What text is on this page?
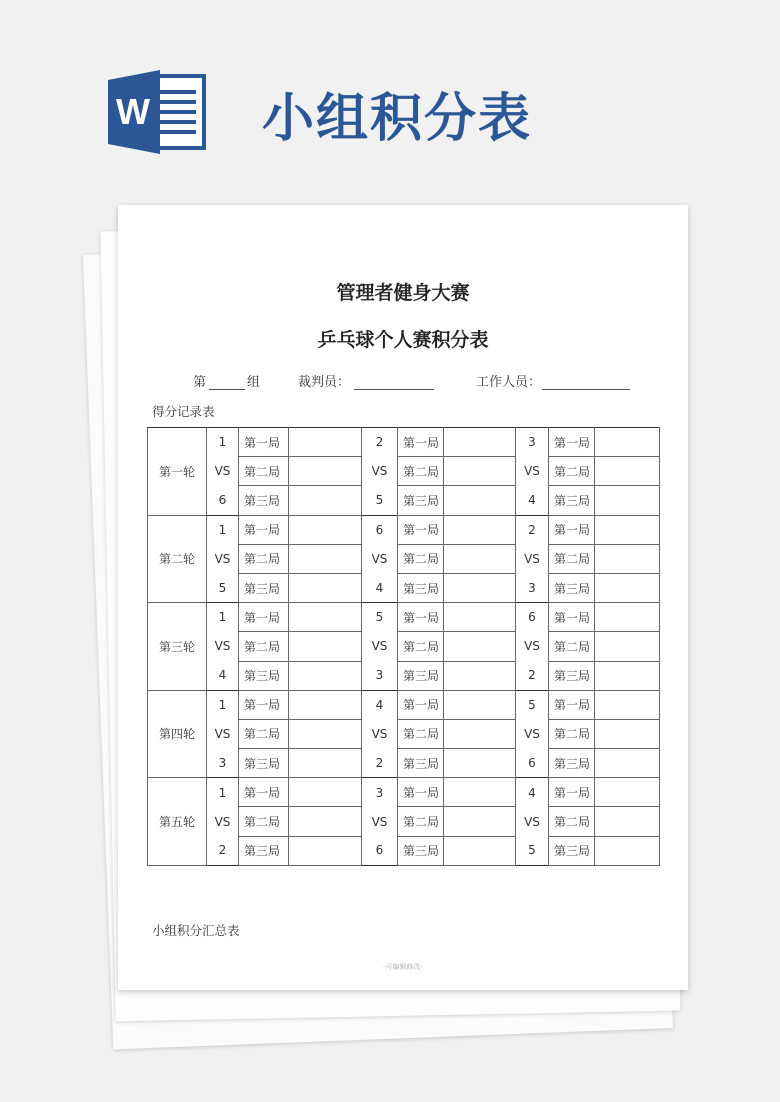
W 小组积分表
管理者健身大赛
乒乓球个人赛积分表
第	组	裁判员：	工作人员：
得分记录表
第一轮	1	第一局		2	第一局		3	第一局	
	VS	第二局		VS	第二局		VS	第二局	
	6	第三局		5	第三局		4	第三局	
第二轮	1	第一局		6	第一局		2	第一局	
	VS	第二局		VS	第二局		VS	第二局	
	5	第三局		4	第三局		3	第三局	
第三轮	1	第一局		5	第一局		6	第一局	
	VS	第二局		VS	第二局		VS	第二局	
	4	第三局		3	第三局		2	第三局	
第四轮	1	第一局		4	第一局		5	第一局	
	VS	第二局		VS	第二局		VS	第二局	
	3	第三局		2	第三局		6	第三局	
第五轮	1	第一局		3	第一局		4	第一局	
	VS	第二局		VS	第二局		VS	第二局	
	2	第三局		6	第三局		5	第三局	
小组积分汇总表
-可编辑修改-
